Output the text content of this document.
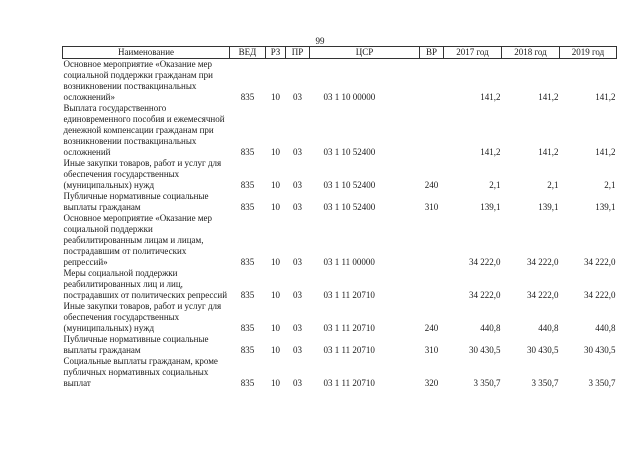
99
Наименование	ВЕД	РЗ	ПР	ЦСР	ВР	2017 год	2018 год	2019 год
Основное мероприятие «Оказание мер социальной поддержки гражданам при возникновении поствакцинальных осложнений»	835	10	03	03 1 10 00000		141,2	141,2	141,2
Выплата государственного единовременного пособия и ежемесячной денежной компенсации гражданам при возникновении поствакцинальных осложнений	835	10	03	03 1 10 52400		141,2	141,2	141,2
Иные закупки товаров, работ и услуг для обеспечения государственных (муниципальных) нужд	835	10	03	03 1 10 52400	240	2,1	2,1	2,1
Публичные нормативные социальные выплаты гражданам	835	10	03	03 1 10 52400	310	139,1	139,1	139,1
Основное мероприятие «Оказание мер социальной поддержки реабилитированным лицам и лицам, пострадавшим от политических репрессий»	835	10	03	03 1 11 00000		34 222,0	34 222,0	34 222,0
Меры социальной поддержки реабилитированных лиц и лиц, пострадавших от политических репрессий	835	10	03	03 1 11 20710		34 222,0	34 222,0	34 222,0
Иные закупки товаров, работ и услуг для обеспечения государственных (муниципальных) нужд	835	10	03	03 1 11 20710	240	440,8	440,8	440,8
Публичные нормативные социальные выплаты гражданам	835	10	03	03 1 11 20710	310	30 430,5	30 430,5	30 430,5
Социальные выплаты гражданам, кроме публичных нормативных социальных выплат	835	10	03	03 1 11 20710	320	3 350,7	3 350,7	3 350,7
